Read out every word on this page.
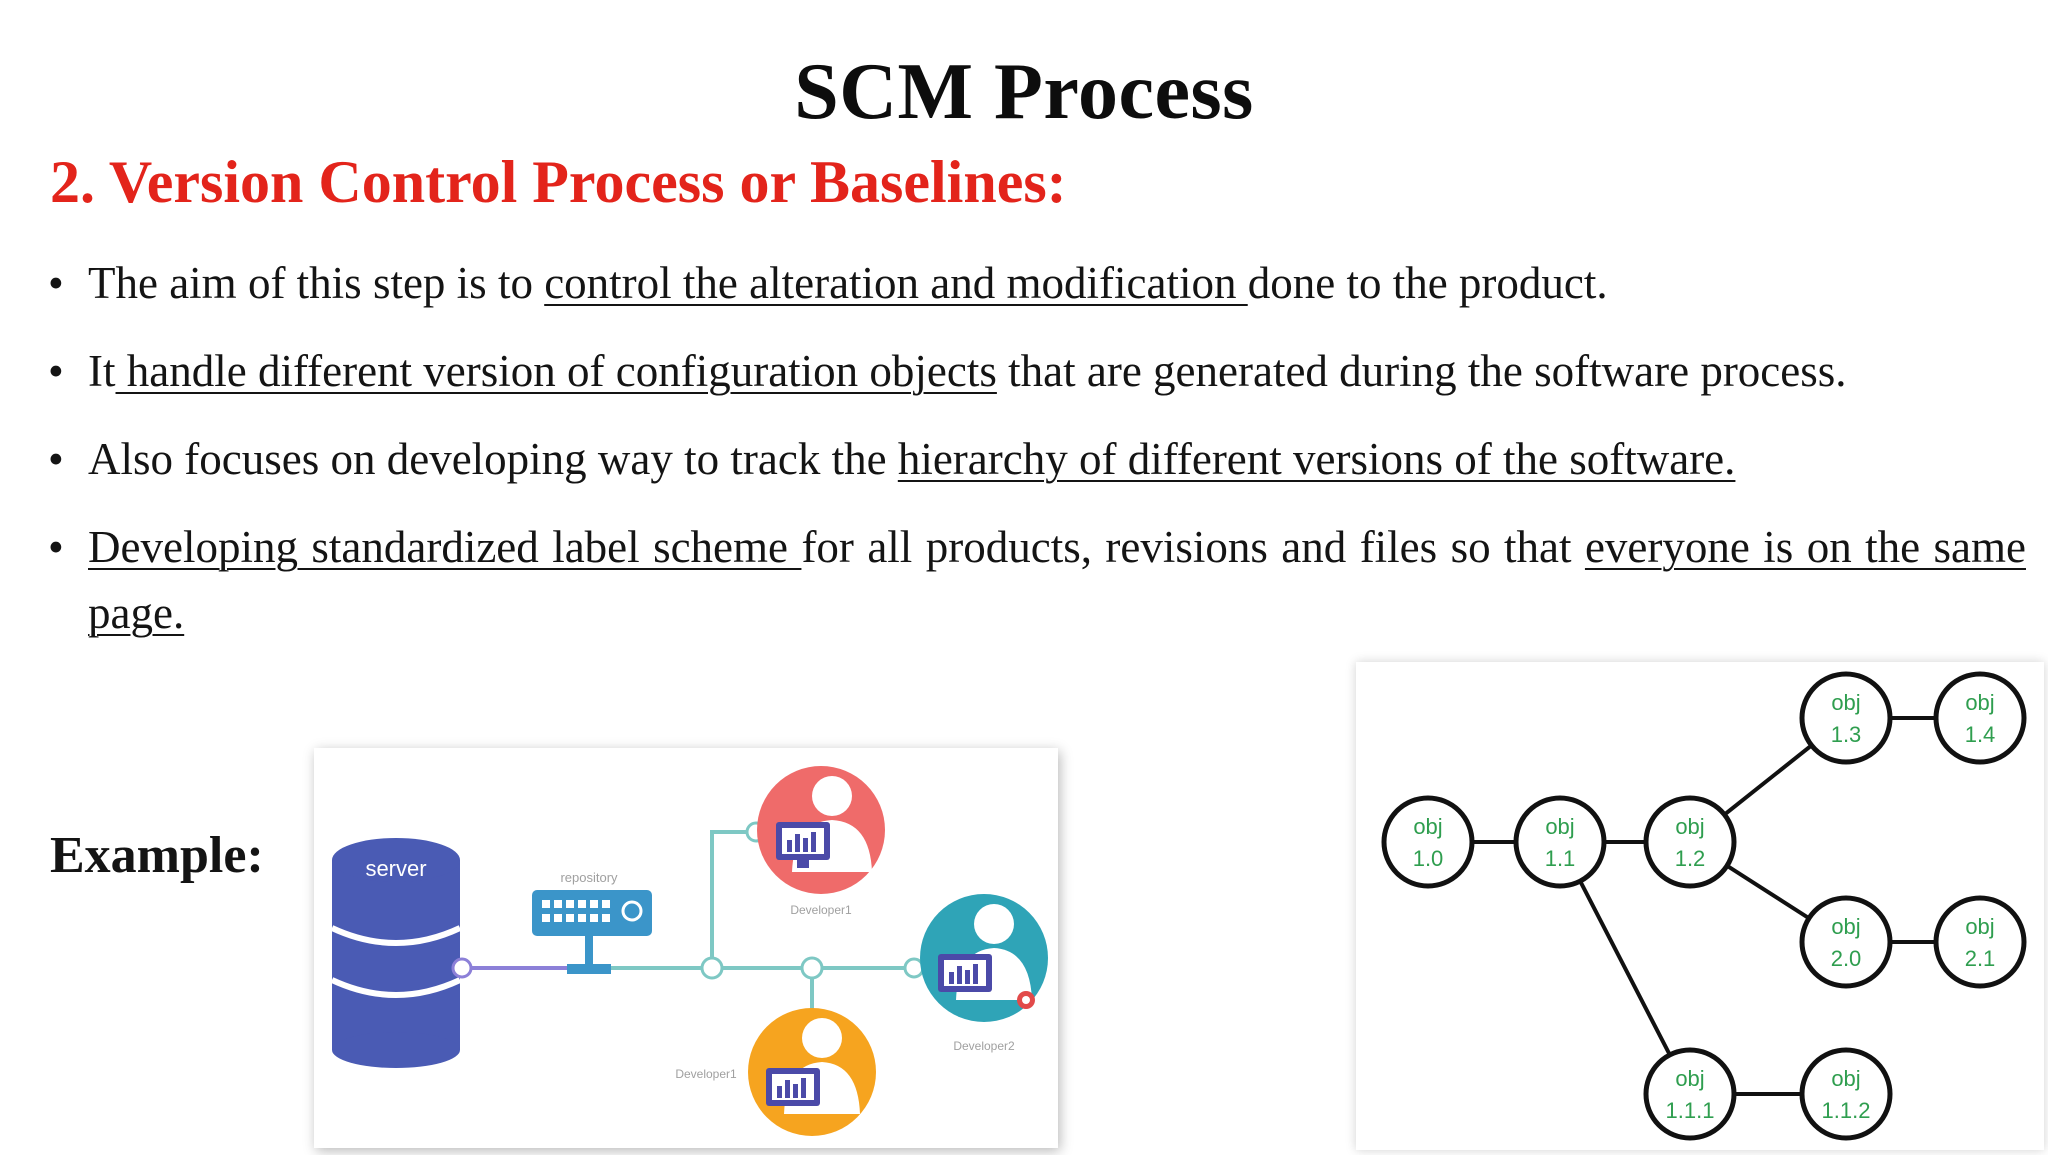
SCM Process
2. Version Control Process or Baselines:
• The aim of this step is to control the alteration and modification done to the product.
• It handle different version of configuration objects that are generated during the software process.
• Also focuses on developing way to track the hierarchy of different versions of the software.
• Developing standardized label scheme for all products, revisions and files so that everyone is on the same page.
Example:	server	repository
Developer1
Developer2
Developer1
obj
1.0
obj
1.1
obj
1.2
obj
1.3
obj
1.4
obj
2.0
obj
2.1
obj
1.1.1
obj
1.1.2
